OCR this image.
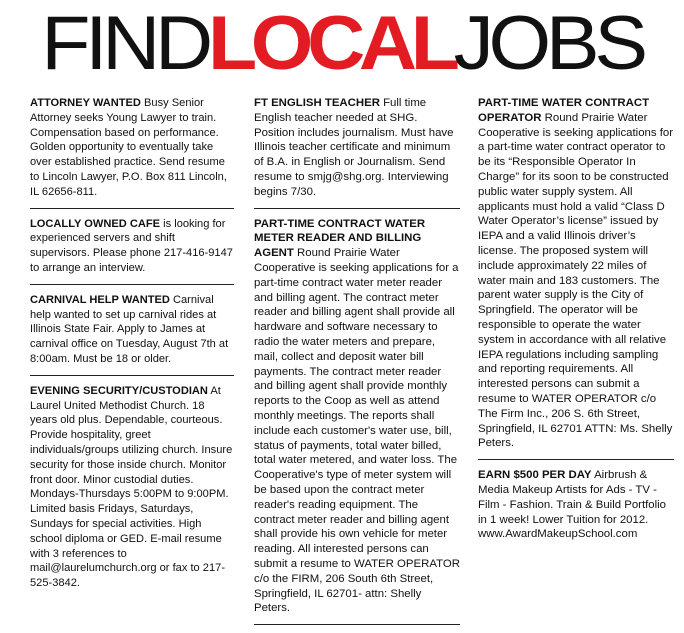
FINDLOCALJOBS
ATTORNEY WANTED Busy Senior Attorney seeks Young Lawyer to train. Compensation based on performance. Golden opportunity to eventually take over established practice. Send resume to Lincoln Lawyer, P.O. Box 811 Lincoln, IL 62656-811.
LOCALLY OWNED CAFE is looking for experienced servers and shift supervisors. Please phone 217-416-9147 to arrange an interview.
CARNIVAL HELP WANTED Carnival help wanted to set up carnival rides at Illinois State Fair. Apply to James at carnival office on Tuesday, August 7th at 8:00am. Must be 18 or older.
EVENING SECURITY/CUSTODIAN At Laurel United Methodist Church. 18 years old plus. Dependable, courteous. Provide hospitality, greet individuals/groups utilizing church. Insure security for those inside church. Monitor front door. Minor custodial duties. Mondays-Thursdays 5:00PM to 9:00PM. Limited basis Fridays, Saturdays, Sundays for special activities. High school diploma or GED. E-mail resume with 3 references to mail@laurelumchurch.org or fax to 217-525-3842.
FT ENGLISH TEACHER Full time English teacher needed at SHG. Position includes journalism. Must have Illinois teacher certificate and minimum of B.A. in English or Journalism. Send resume to smjg@shg.org. Interviewing begins 7/30.
PART-TIME CONTRACT WATER METER READER AND BILLING AGENT Round Prairie Water Cooperative is seeking applications for a part-time contract water meter reader and billing agent. The contract meter reader and billing agent shall provide all hardware and software necessary to radio the water meters and prepare, mail, collect and deposit water bill payments. The contract meter reader and billing agent shall provide monthly reports to the Coop as well as attend monthly meetings. The reports shall include each customer's water use, bill, status of payments, total water billed, total water metered, and water loss. The Cooperative's type of meter system will be based upon the contract meter reader's reading equipment. The contract meter reader and billing agent shall provide his own vehicle for meter reading. All interested persons can submit a resume to WATER OPERATOR c/o the FIRM, 206 South 6th Street, Springfield, IL 62701- attn: Shelly Peters.
PART-TIME WATER CONTRACT OPERATOR Round Prairie Water Cooperative is seeking applications for a part-time water contract operator to be its “Responsible Operator In Charge” for its soon to be constructed public water supply system. All applicants must hold a valid “Class D Water Operator’s license” issued by IEPA and a valid Illinois driver’s license. The proposed system will include approximately 22 miles of water main and 183 customers. The parent water supply is the City of Springfield. The operator will be responsible to operate the water system in accordance with all relative IEPA regulations including sampling and reporting requirements. All interested persons can submit a resume to WATER OPERATOR c/o The Firm Inc., 206 S. 6th Street, Springfield, IL 62701 ATTN: Ms. Shelly Peters.
EARN $500 PER DAY Airbrush & Media Makeup Artists for Ads - TV - Film - Fashion. Train & Build Portfolio in 1 week! Lower Tuition for 2012. www.AwardMakeupSchool.com
